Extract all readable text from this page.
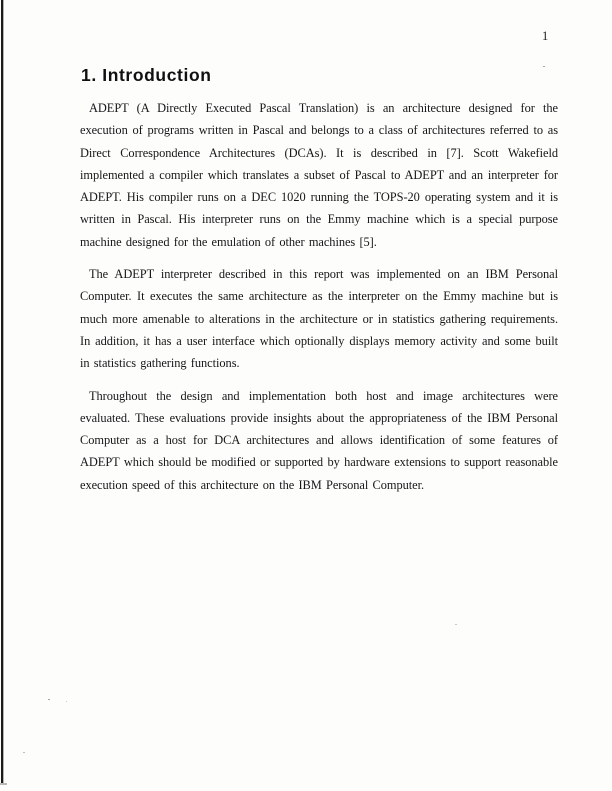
1
1. Introduction

ADEPT (A Directly Executed Pascal Translation) is an architecture designed for the execution of programs written in Pascal and belongs to a class of architectures referred to as Direct Correspondence Architectures (DCAs). It is described in [7]. Scott Wakefield implemented a compiler which translates a subset of Pascal to ADEPT and an interpreter for ADEPT. His compiler runs on a DEC 1020 running the TOPS-20 operating system and it is written in Pascal. His interpreter runs on the Emmy machine which is a special purpose machine designed for the emulation of other machines [5].

The ADEPT interpreter described in this report was implemented on an IBM Personal Computer. It executes the same architecture as the interpreter on the Emmy machine but is much more amenable to alterations in the architecture or in statistics gathering requirements. In addition, it has a user interface which optionally displays memory activity and some built in statistics gathering functions.

Throughout the design and implementation both host and image architectures were evaluated. These evaluations provide insights about the appropriateness of the IBM Personal Computer as a host for DCA architectures and allows identification of some features of ADEPT which should be modified or supported by hardware extensions to support reasonable execution speed of this architecture on the IBM Personal Computer.
